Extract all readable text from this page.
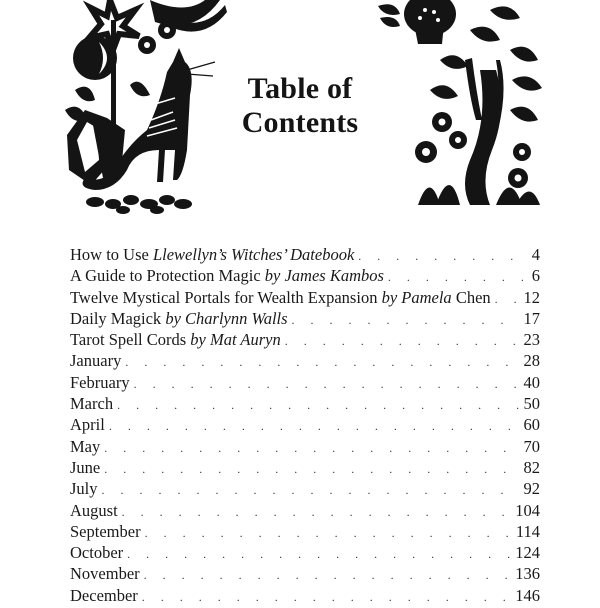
Table of
Contents
How to Use Llewellyn’s Witches’ Datebook . . .	4
A Guide to Protection Magic by James Kambos . . .	6
Twelve Mystical Portals for Wealth Expansion by Pamela Chen . . . 12
Daily Magick by Charlynn Walls . . .	17
Tarot Spell Cords by Mat Auryn . . .	23
January . . .	28
February . . .	40
March . . .	50
April . . .	60
May . . .	70
June . . .	82
July . . .	92
August . . .	104
September . . .	114
October . . .	124
November . . .	136
December . . .	146
